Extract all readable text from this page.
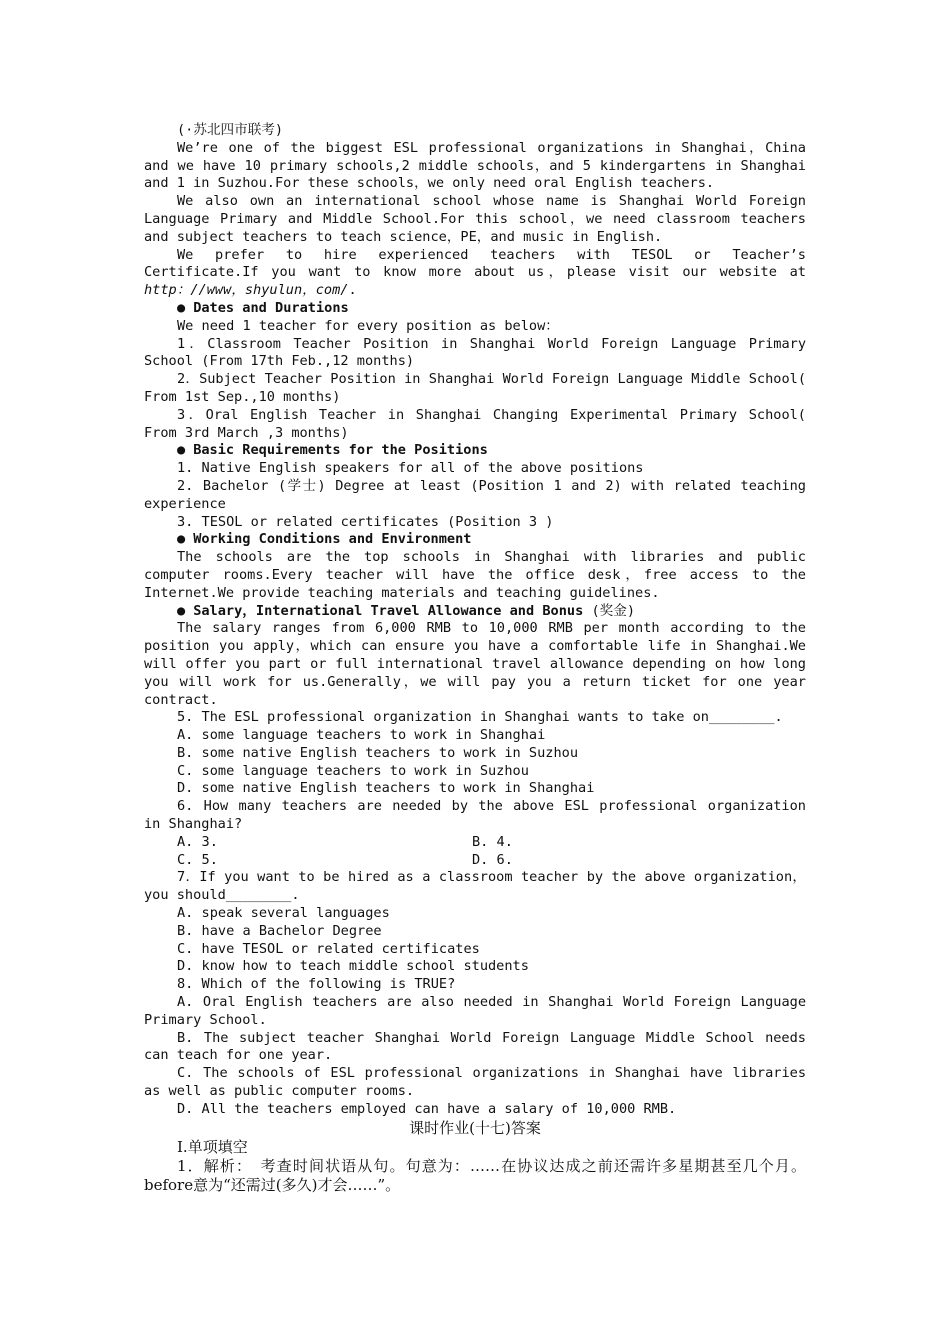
(·苏北四市联考)

We’re one of the biggest ESL professional organizations in Shanghai，China and we have 10 primary schools,2 middle schools，and 5 kindergartens in Shanghai and 1 in Suzhou.For these schools，we only need oral English teachers.

We also own an international school whose name is Shanghai World Foreign Language Primary and Middle School.For this school，we need classroom teachers and subject teachers to teach science，PE，and music in English.

We prefer to hire experienced teachers with TESOL or Teacher’s Certificate.If you want to know more about us，please visit our website at http：//www，shyulun，com/.

● Dates and Durations

We need 1 teacher for every position as below：

1．Classroom Teacher Position in Shanghai World Foreign Language Primary School (From 17th Feb.,12 months)

2．Subject Teacher Position in Shanghai World Foreign Language Middle School( From 1st Sep.,10 months)

3．Oral English Teacher in Shanghai Changing Experimental Primary School( From 3rd March ,3 months)

● Basic Requirements for the Positions

1. Native English speakers for all of the above positions

2. Bachelor (学士) Degree at least (Position 1 and 2) with related teaching experience

3. TESOL or related certificates (Position 3 )

● Working Conditions and Environment

The schools are the top schools in Shanghai with libraries and public computer rooms.Every teacher will have the office desk，free access to the Internet.We provide teaching materials and teaching guidelines.

● Salary，International Travel Allowance and Bonus (奖金)

The salary ranges from 6,000 RMB to 10,000 RMB per month according to the position you apply，which can ensure you have a comfortable life in Shanghai.We will offer you part or full international travel allowance depending on how long you will work for us.Generally，we will pay you a return ticket for one year contract.

5. The ESL professional organization in Shanghai wants to take on________.

A. some language teachers to work in Shanghai

B. some native English teachers to work in Suzhou

C. some language teachers to work in Suzhou

D. some native English teachers to work in Shanghai

6. How many teachers are needed by the above ESL professional organization in Shanghai?

A. 3.	B. 4.
C. 5.	D. 6.

7．If you want to be hired as a classroom teacher by the above organization，you should________.

A. speak several languages

B. have a Bachelor Degree

C. have TESOL or related certificates

D. know how to teach middle school students

8. Which of the following is TRUE?

A. Oral English teachers are also needed in Shanghai World Foreign Language Primary School.

B. The subject teacher Shanghai World Foreign Language Middle School needs can teach for one year.

C. The schools of ESL professional organizations in Shanghai have libraries as well as public computer rooms.

D. All the teachers employed can have a salary of 10,000 RMB.

课时作业(十七)答案

Ⅰ.单项填空

1．解析：　考查时间状语从句。句意为：……在协议达成之前还需许多星期甚至几个月。before意为“还需过(多久)才会……”。
